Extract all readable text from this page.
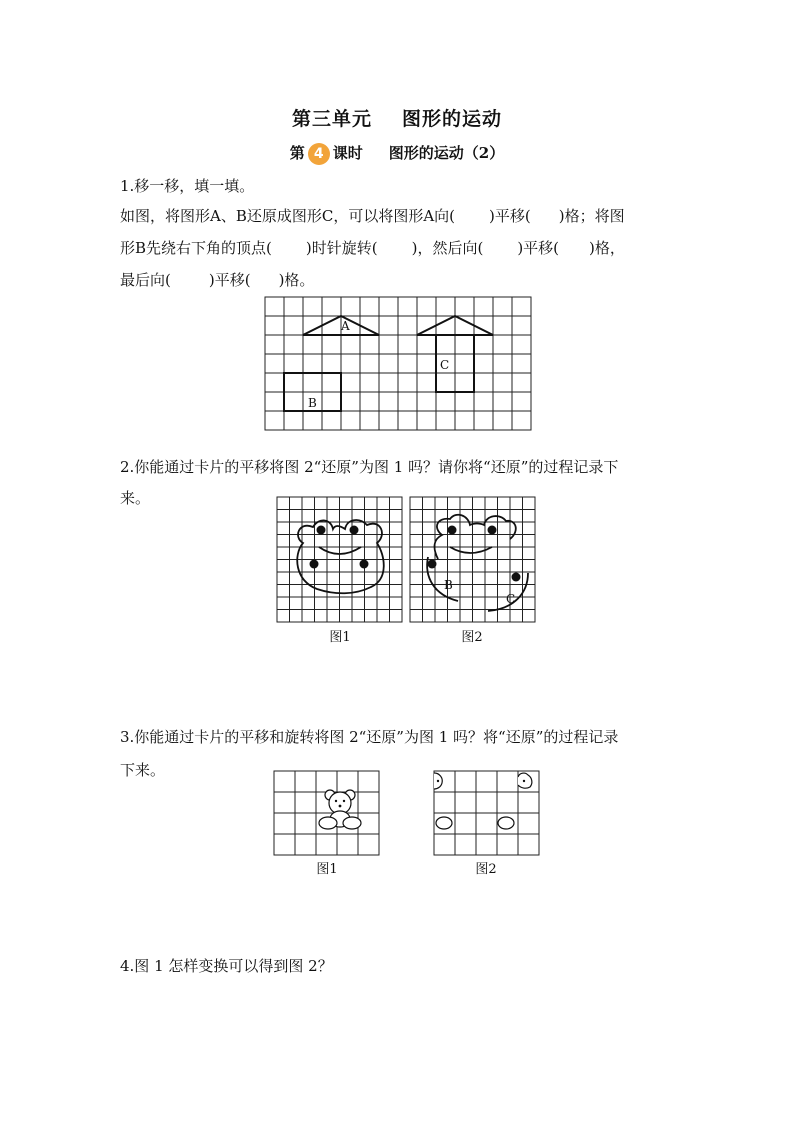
第三单元 图形的运动
第 4 课时 图形的运动（2）
1.移一移，填一填。
如图，将图形A、B还原成图形C，可以将图形A向( )平移( )格；将图
形B先绕右下角的顶点( )时针旋转( )，然后向( )平移( )格，
最后向(	)平移( )格。
A
B
C
2.你能通过卡片的平移将图 2“还原”为图 1 吗？请你将“还原”的过程记录下
来。
图1
B
C
图2
3.你能通过卡片的平移和旋转将图 2“还原”为图 1 吗？将“还原”的过程记录
下来。
图1	图2
4.图 1 怎样变换可以得到图 2？
